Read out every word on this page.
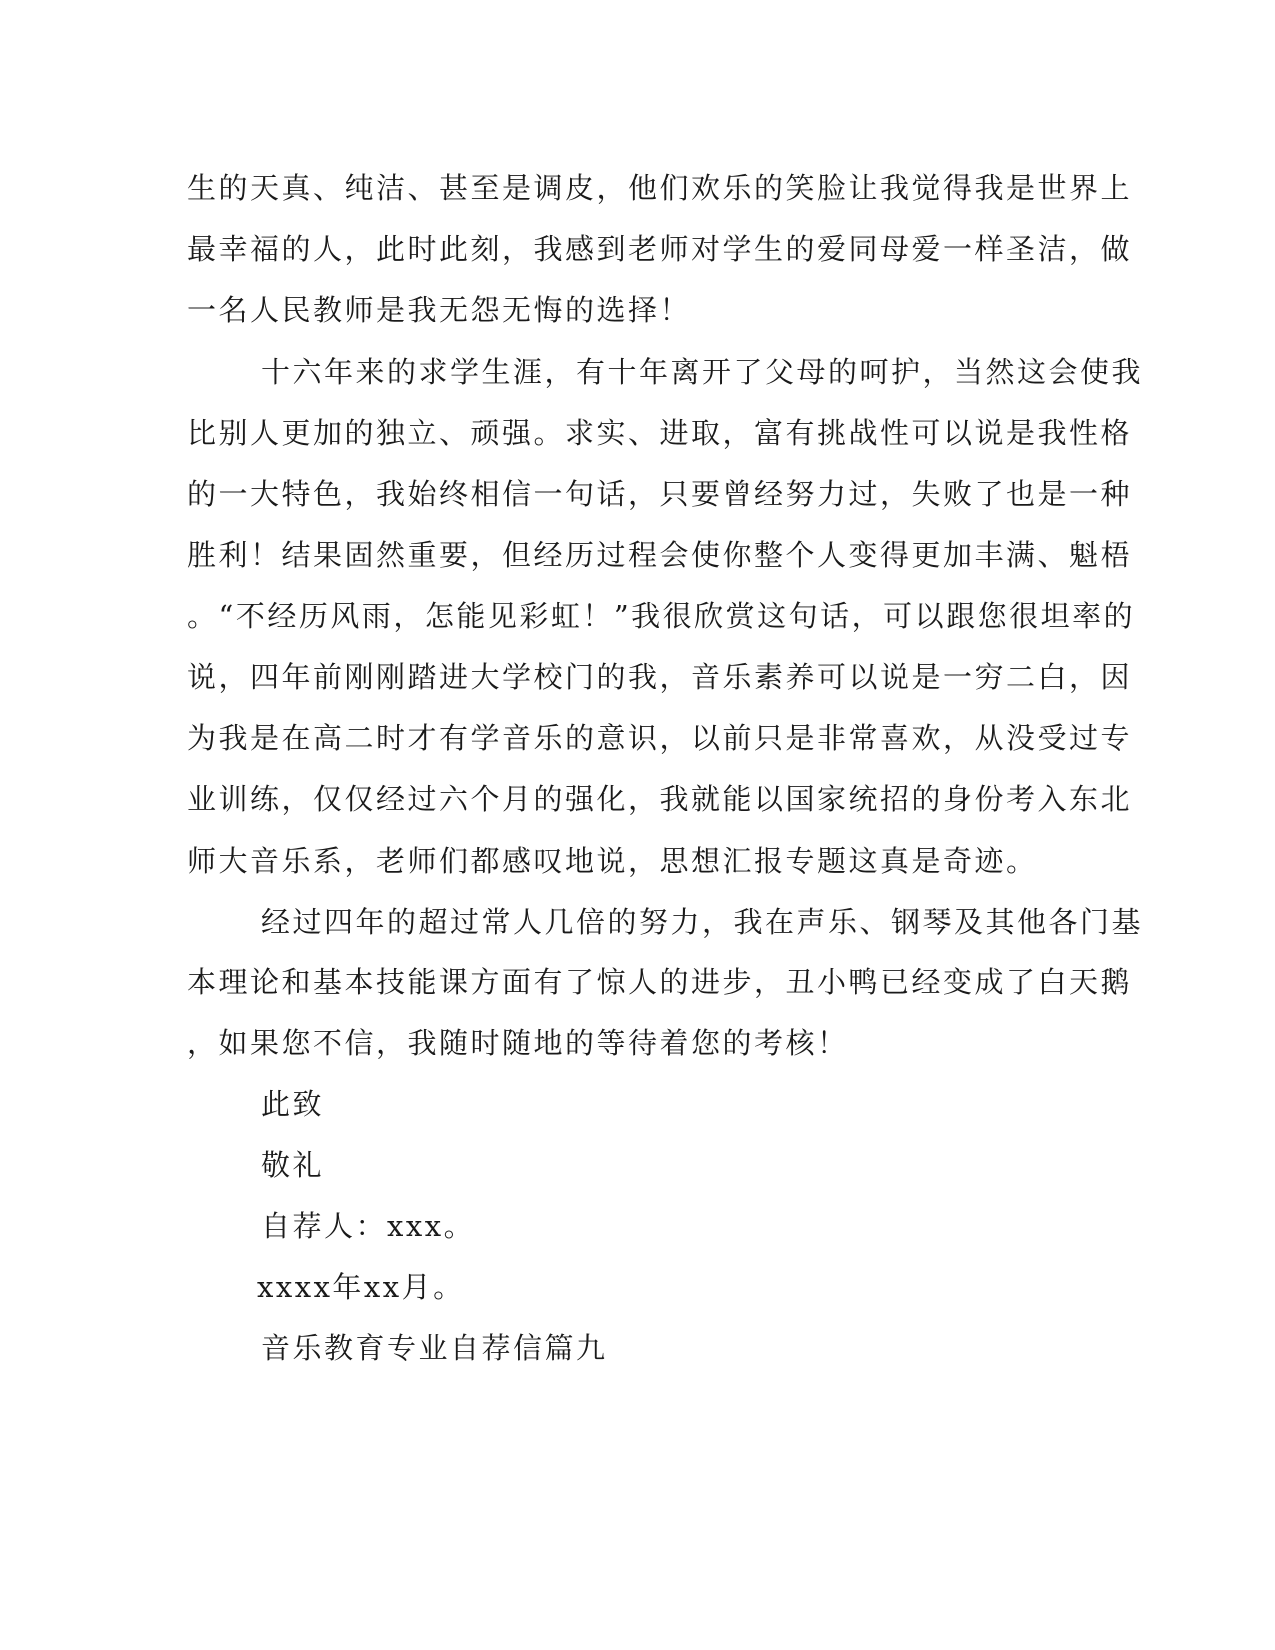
生的天真、纯洁、甚至是调皮，他们欢乐的笑脸让我觉得我是世界上
最幸福的人，此时此刻，我感到老师对学生的爱同母爱一样圣洁，做
一名人民教师是我无怨无悔的选择！
十六年来的求学生涯，有十年离开了父母的呵护，当然这会使我
比别人更加的独立、顽强。求实、进取，富有挑战性可以说是我性格
的一大特色，我始终相信一句话，只要曾经努力过，失败了也是一种
胜利！结果固然重要，但经历过程会使你整个人变得更加丰满、魁梧
。“不经历风雨，怎能见彩虹！”我很欣赏这句话，可以跟您很坦率的
说，四年前刚刚踏进大学校门的我，音乐素养可以说是一穷二白，因
为我是在高二时才有学音乐的意识，以前只是非常喜欢，从没受过专
业训练，仅仅经过六个月的强化，我就能以国家统招的身份考入东北
师大音乐系，老师们都感叹地说，思想汇报专题这真是奇迹。
经过四年的超过常人几倍的努力，我在声乐、钢琴及其他各门基
本理论和基本技能课方面有了惊人的进步，丑小鸭已经变成了白天鹅
，如果您不信，我随时随地的等待着您的考核！
此致
敬礼
自荐人：xxx。
xxxx年xx月。
音乐教育专业自荐信篇九
